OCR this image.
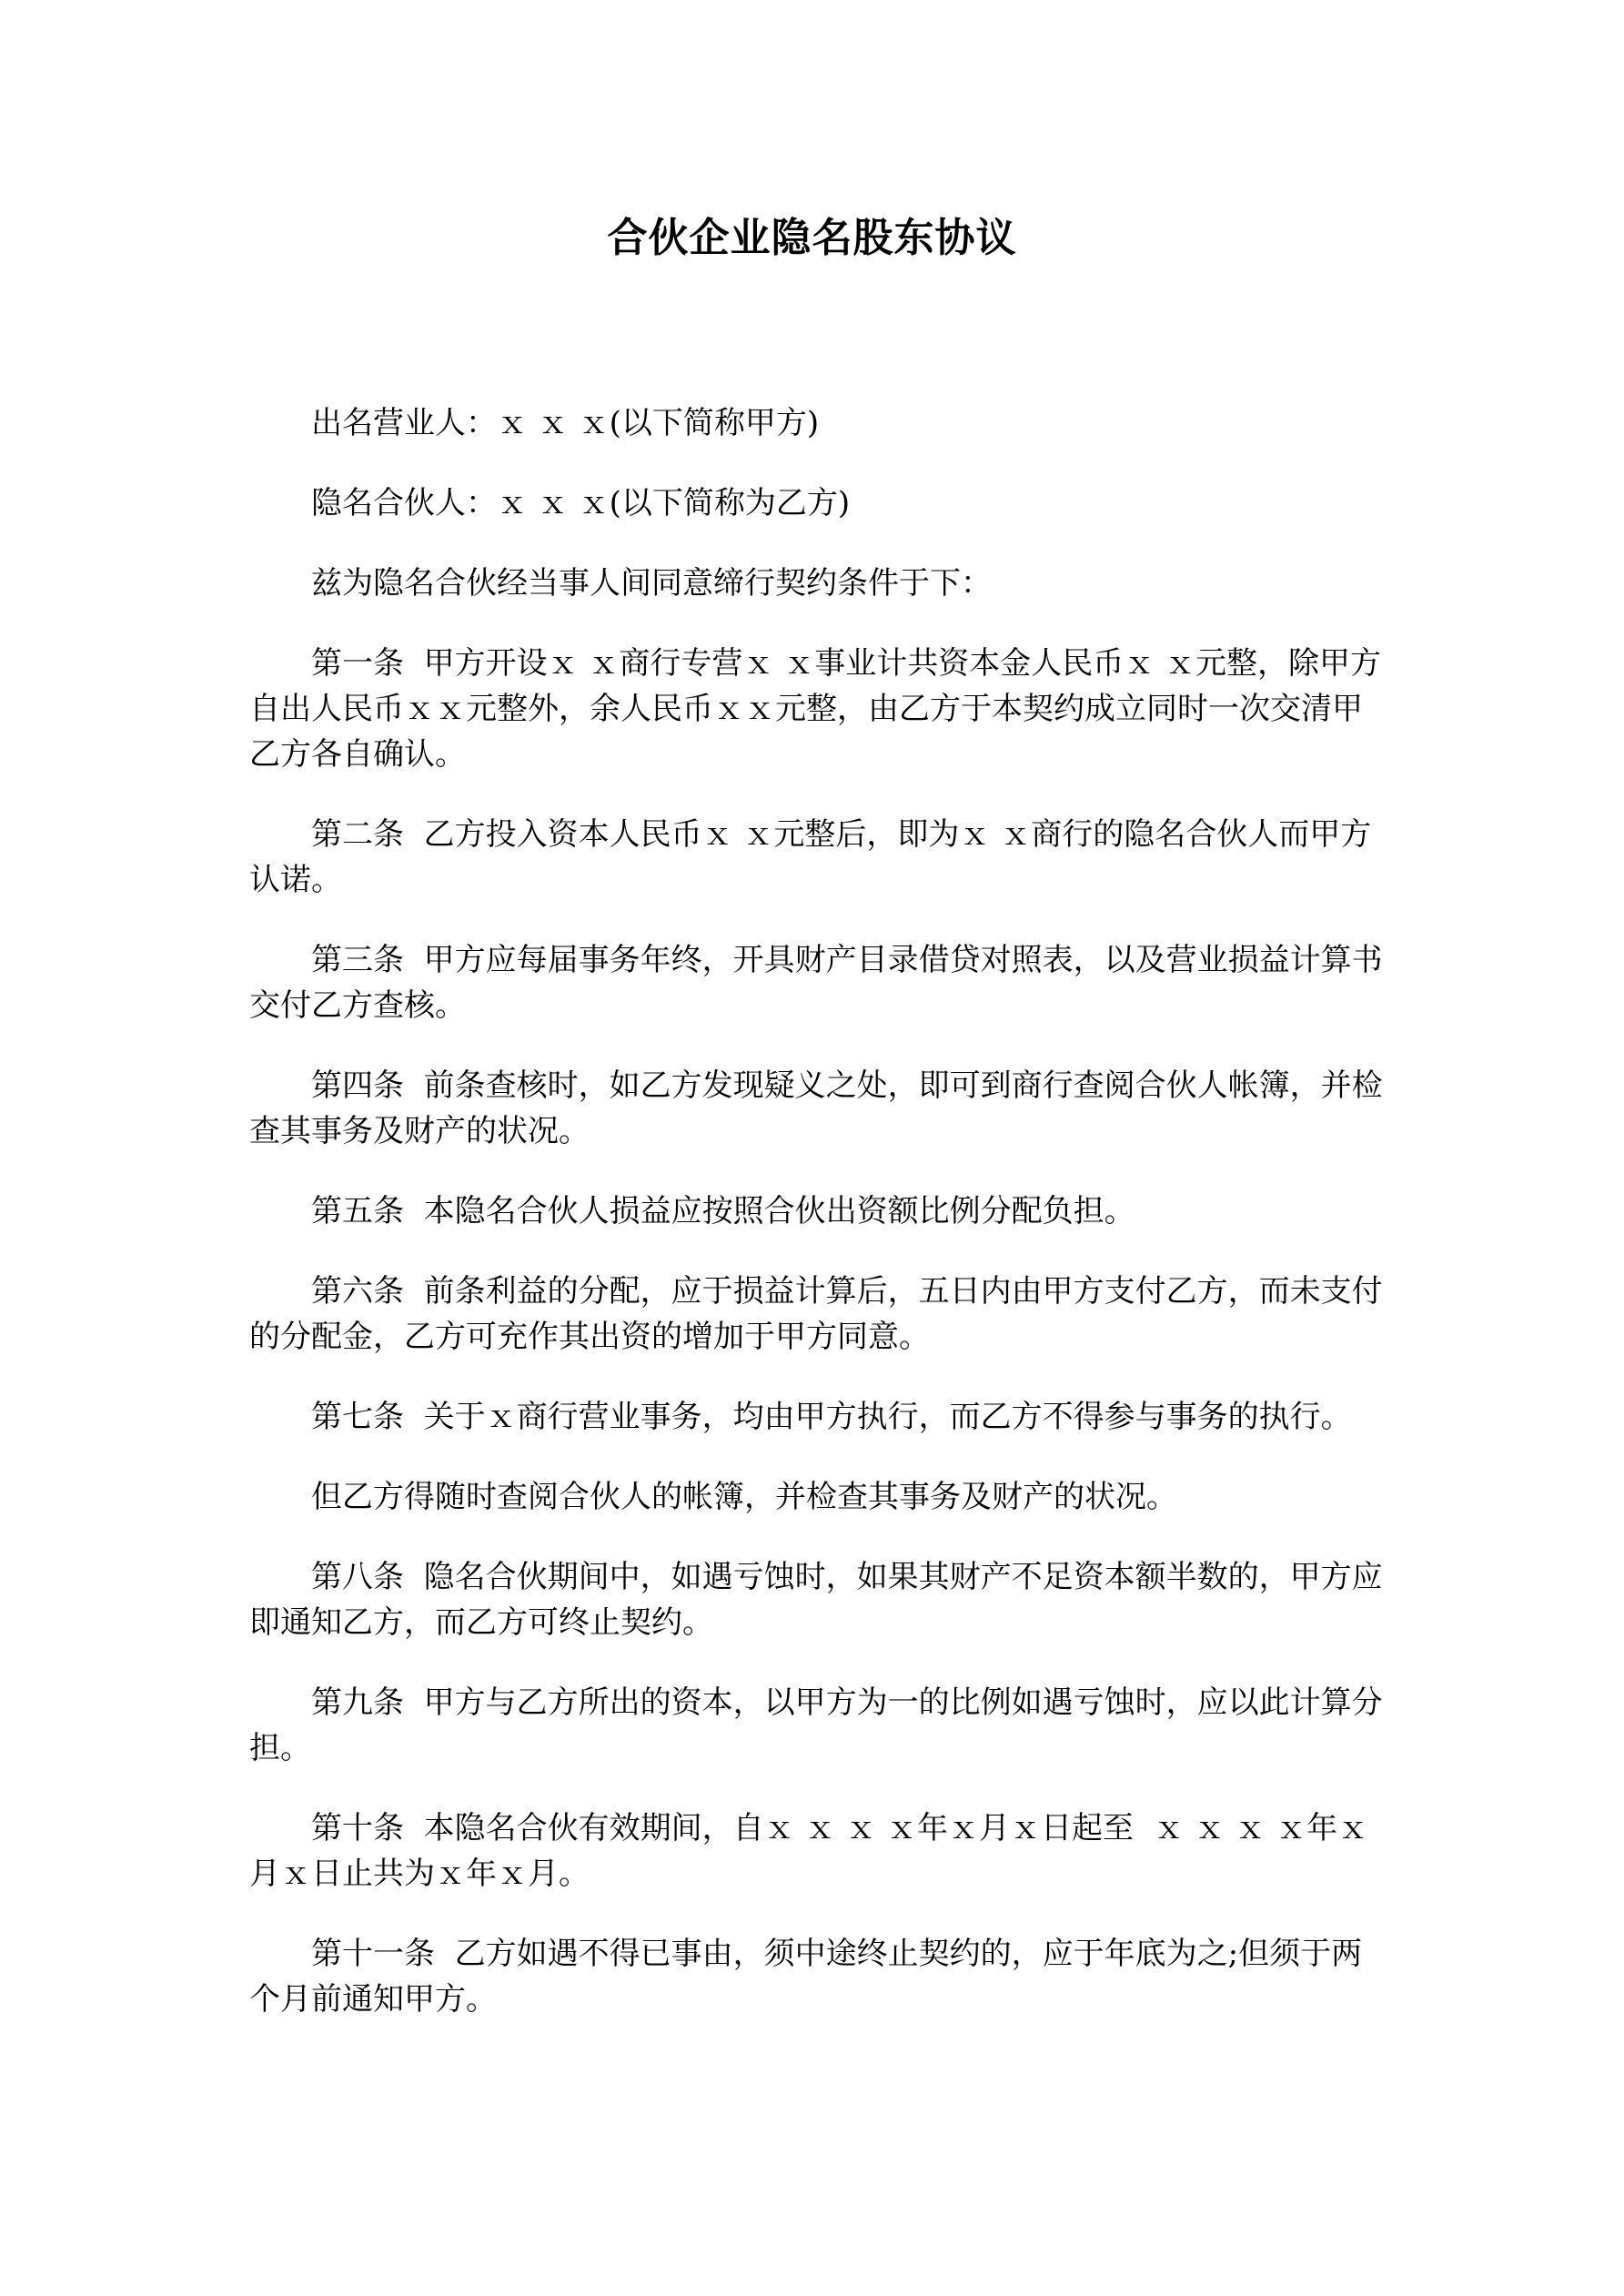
合伙企业隐名股东协议

出名营业人：ｘ ｘ ｘ(以下简称甲方)

隐名合伙人：ｘ ｘ ｘ(以下简称为乙方)

兹为隐名合伙经当事人间同意缔行契约条件于下：

第一条  甲方开设ｘ ｘ商行专营ｘ ｘ事业计共资本金人民币ｘ ｘ元整，除甲方自出人民币ｘｘ元整外，余人民币ｘｘ元整，由乙方于本契约成立同时一次交清甲乙方各自确认。

第二条  乙方投入资本人民币ｘ ｘ元整后，即为ｘ ｘ商行的隐名合伙人而甲方认诺。

第三条  甲方应每届事务年终，开具财产目录借贷对照表，以及营业损益计算书交付乙方查核。

第四条  前条查核时，如乙方发现疑义之处，即可到商行查阅合伙人帐簿，并检查其事务及财产的状况。

第五条  本隐名合伙人损益应按照合伙出资额比例分配负担。

第六条  前条利益的分配，应于损益计算后，五日内由甲方支付乙方，而未支付的分配金，乙方可充作其出资的增加于甲方同意。

第七条  关于ｘ商行营业事务，均由甲方执行，而乙方不得参与事务的执行。

但乙方得随时查阅合伙人的帐簿，并检查其事务及财产的状况。

第八条  隐名合伙期间中，如遇亏蚀时，如果其财产不足资本额半数的，甲方应即通知乙方，而乙方可终止契约。

第九条  甲方与乙方所出的资本，以甲方为一的比例如遇亏蚀时，应以此计算分担。

第十条  本隐名合伙有效期间，自ｘ ｘ ｘ ｘ年ｘ月ｘ日起至  ｘ ｘ ｘ ｘ年ｘ月ｘ日止共为ｘ年ｘ月。

第十一条  乙方如遇不得已事由，须中途终止契约的，应于年底为之;但须于两个月前通知甲方。
